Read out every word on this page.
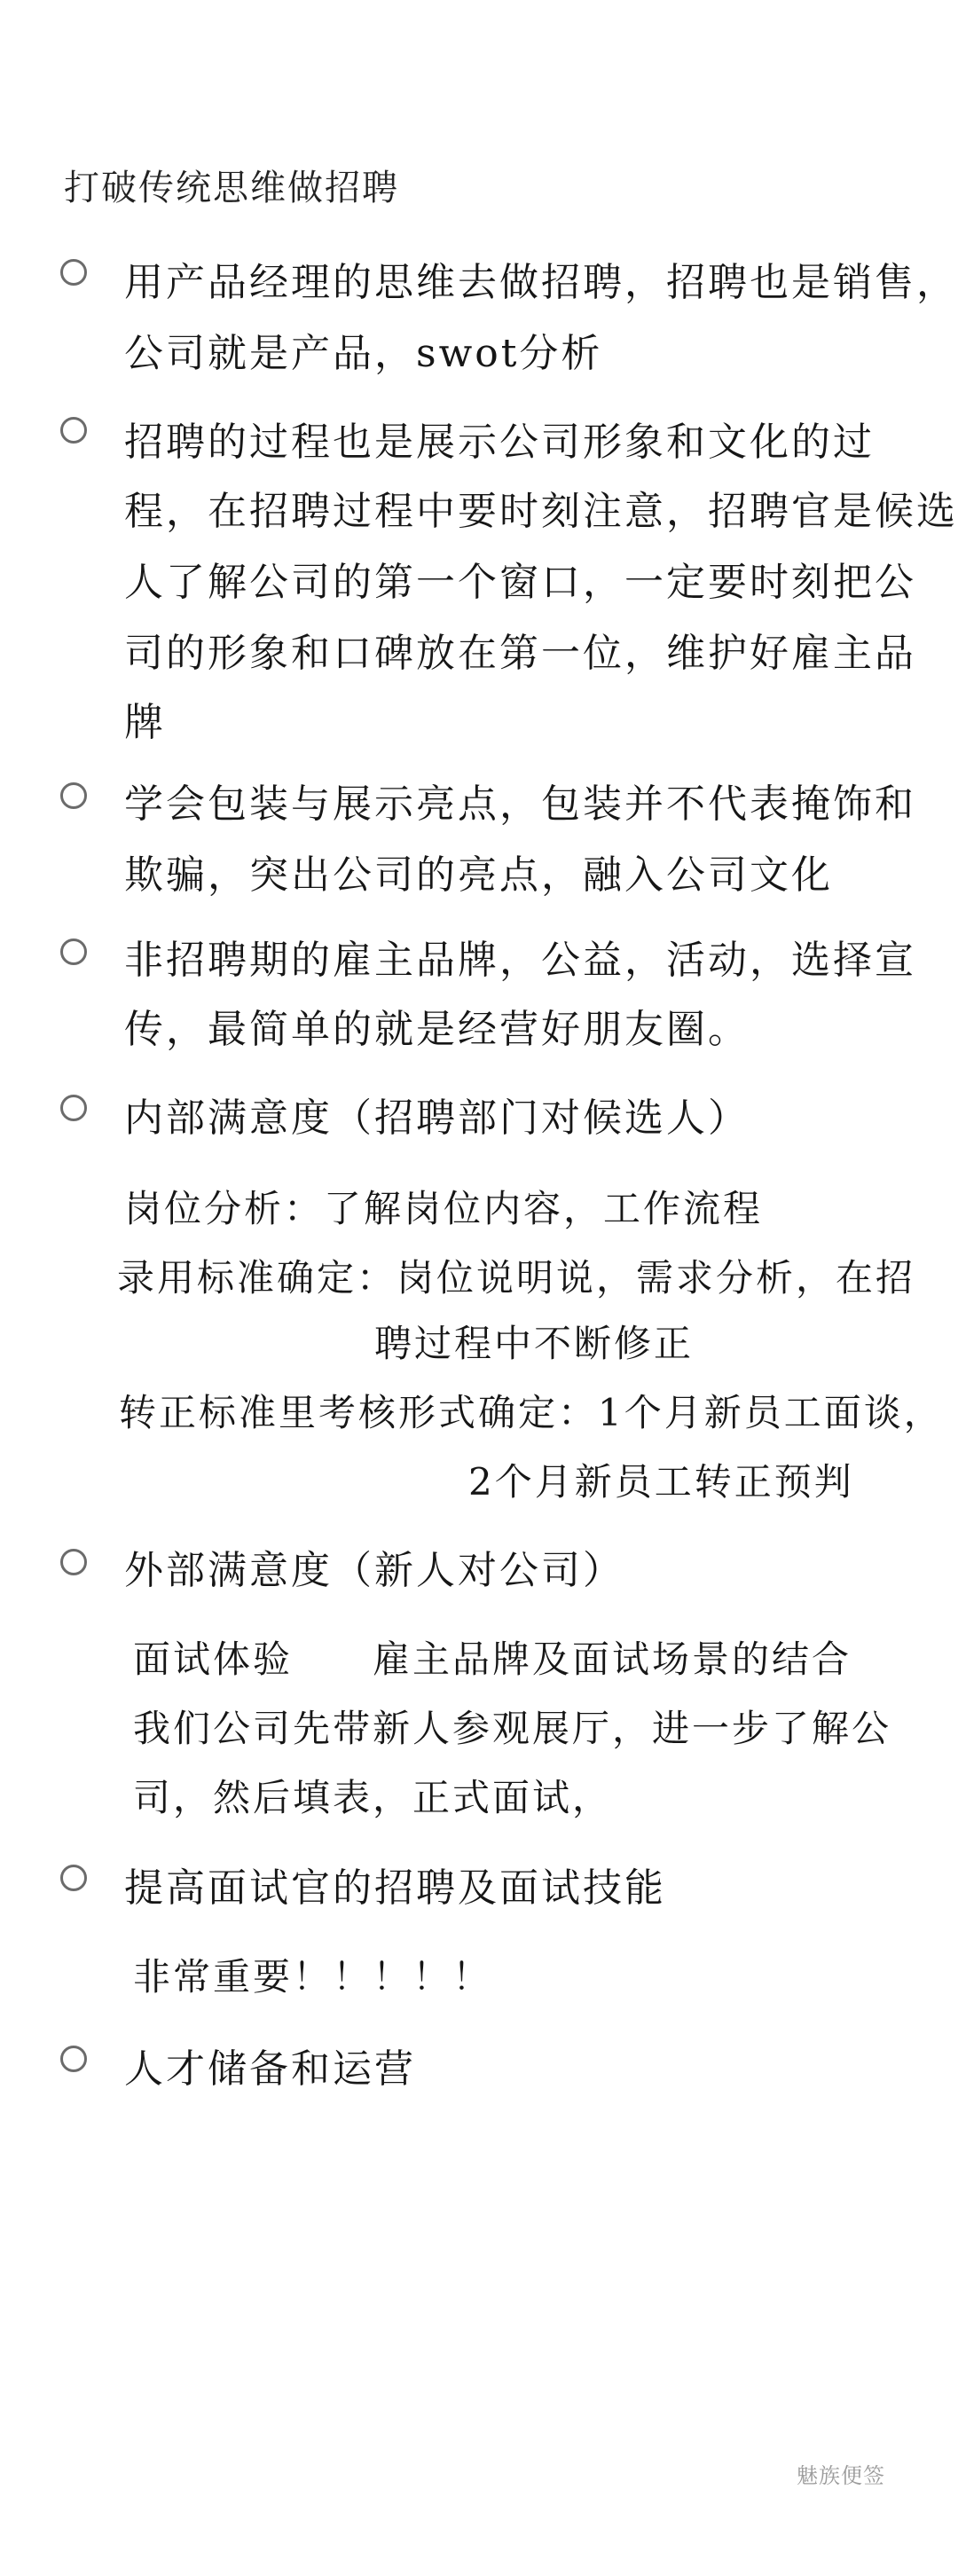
打破传统思维做招聘
用产品经理的思维去做招聘，招聘也是销售，
公司就是产品，swot分析
招聘的过程也是展示公司形象和文化的过
程，在招聘过程中要时刻注意，招聘官是候选
人了解公司的第一个窗口，一定要时刻把公
司的形象和口碑放在第一位，维护好雇主品
牌
学会包装与展示亮点，包装并不代表掩饰和
欺骗，突出公司的亮点，融入公司文化
非招聘期的雇主品牌，公益，活动，选择宣
传，最简单的就是经营好朋友圈。
内部满意度（招聘部门对候选人）
岗位分析：了解岗位内容，工作流程
录用标准确定：岗位说明说，需求分析，在招
聘过程中不断修正
转正标准里考核形式确定：1个月新员工面谈，
2个月新员工转正预判
外部满意度（新人对公司）
面试体验　　雇主品牌及面试场景的结合
我们公司先带新人参观展厅，进一步了解公
司，然后填表，正式面试，
提高面试官的招聘及面试技能
非常重要！！！！！
人才储备和运营
魅族便签
